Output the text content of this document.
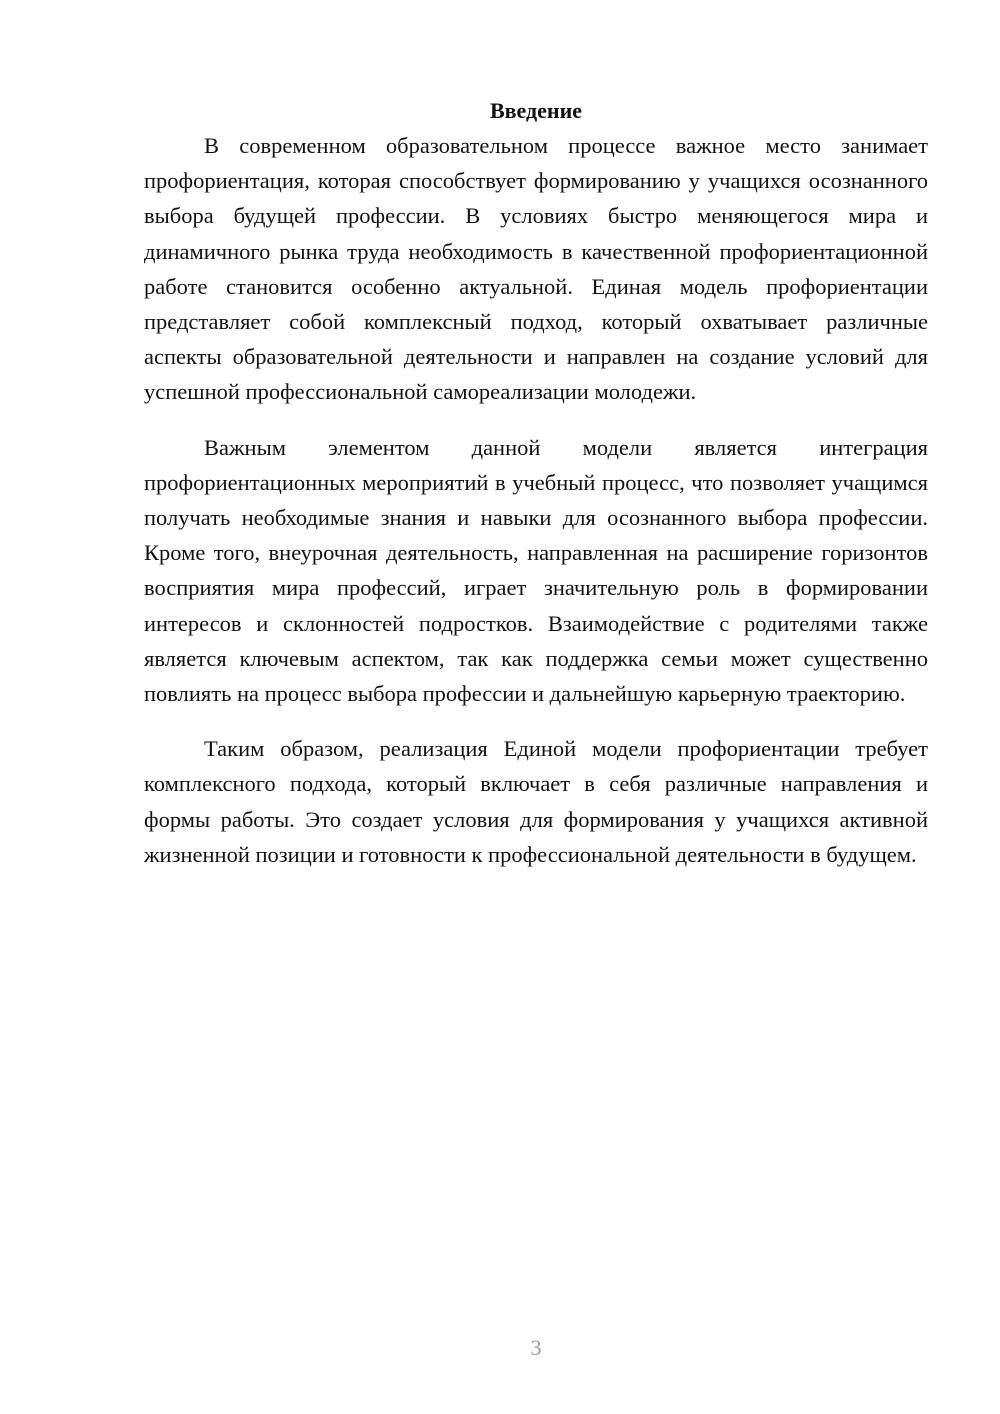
Введение

В современном образовательном процессе важное место занимает профориентация, которая способствует формированию у учащихся осознанного выбора будущей профессии. В условиях быстро меняющегося мира и динамичного рынка труда необходимость в качественной профориентационной работе становится особенно актуальной. Единая модель профориентации представляет собой комплексный подход, который охватывает различные аспекты образовательной деятельности и направлен на создание условий для успешной профессиональной самореализации молодежи.

Важным элементом данной модели является интеграция профориентационных мероприятий в учебный процесс, что позволяет учащимся получать необходимые знания и навыки для осознанного выбора профессии. Кроме того, внеурочная деятельность, направленная на расширение горизонтов восприятия мира профессий, играет значительную роль в формировании интересов и склонностей подростков. Взаимодействие с родителями также является ключевым аспектом, так как поддержка семьи может существенно повлиять на процесс выбора профессии и дальнейшую карьерную траекторию.

Таким образом, реализация Единой модели профориентации требует комплексного подхода, который включает в себя различные направления и формы работы. Это создает условия для формирования у учащихся активной жизненной позиции и готовности к профессиональной деятельности в будущем.

3
